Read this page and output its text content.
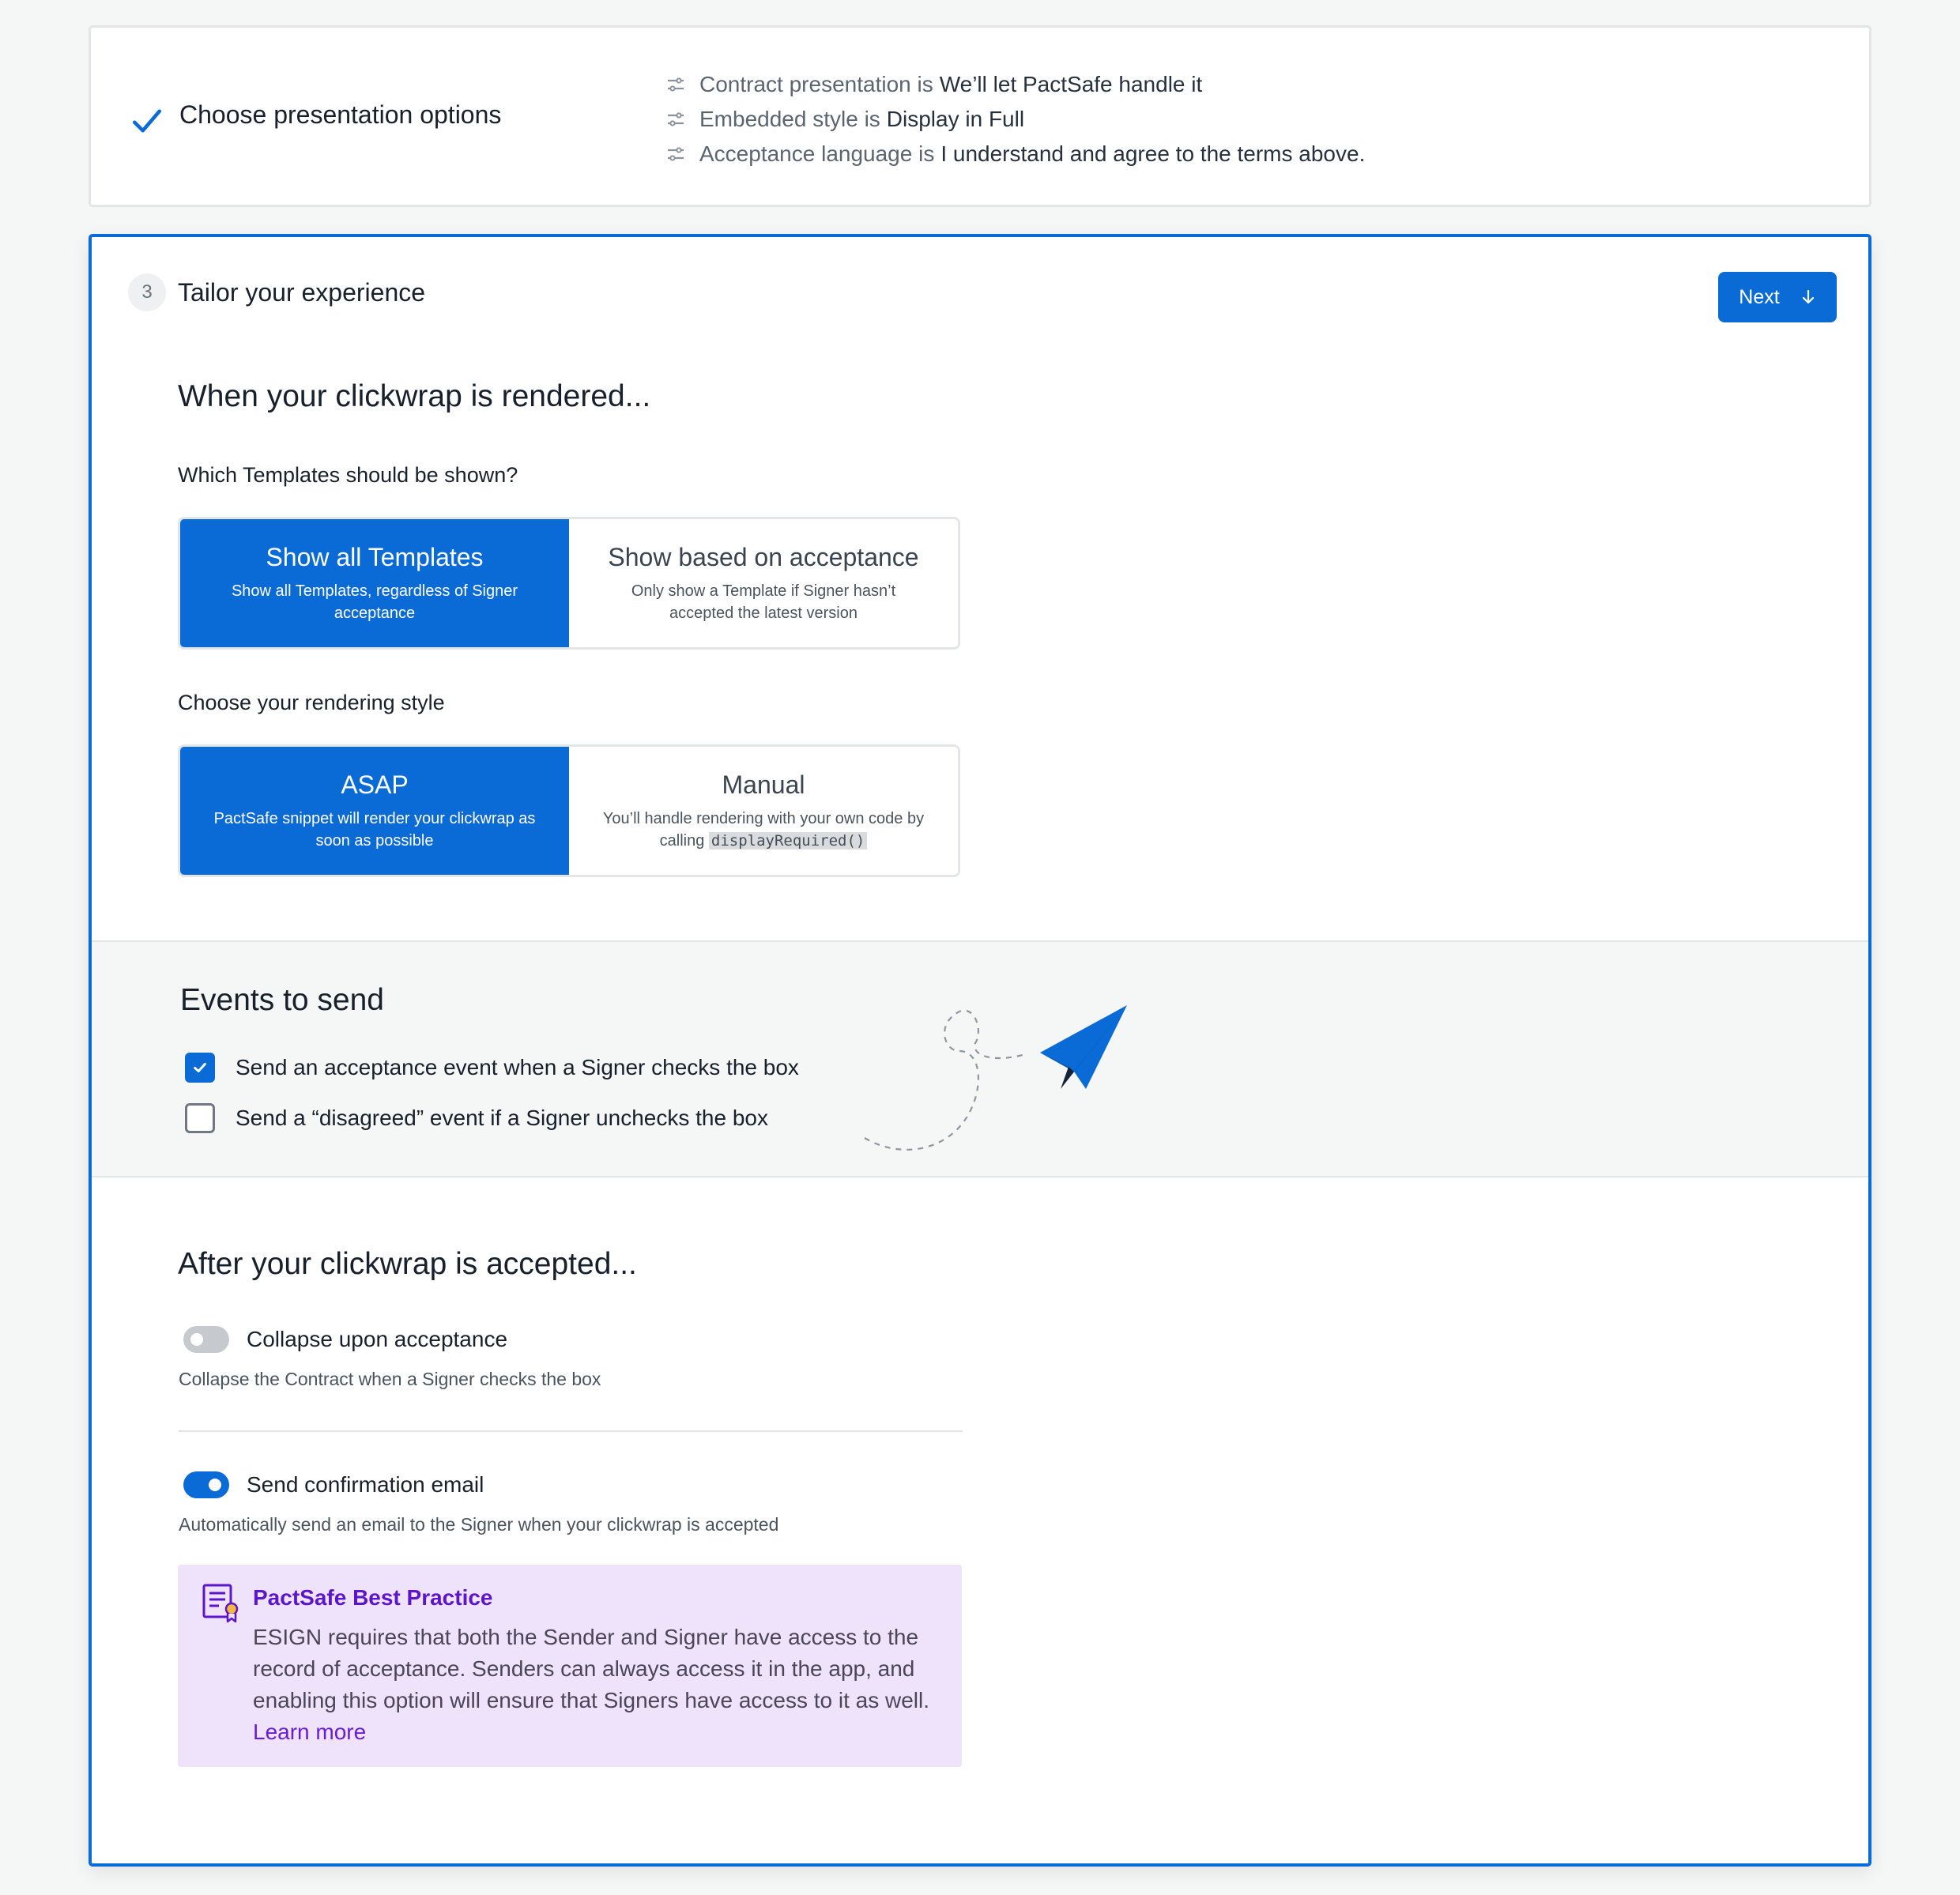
Choose presentation options
Contract presentation is We’ll let PactSafe handle it
Embedded style is Display in Full
Acceptance language is I understand and agree to the terms above.
3	Tailor your experience	Next
When your clickwrap is rendered...
Which Templates should be shown?
Show all Templates
Show all Templates, regardless of Signer acceptance
Show based on acceptance
Only show a Template if Signer hasn’t accepted the latest version
Choose your rendering style
ASAP
PactSafe snippet will render your clickwrap as soon as possible
Manual
You’ll handle rendering with your own code by calling displayRequired()
Events to send
Send an acceptance event when a Signer checks the box
Send a “disagreed” event if a Signer unchecks the box
After your clickwrap is accepted...
Collapse upon acceptance
Collapse the Contract when a Signer checks the box
Send confirmation email
Automatically send an email to the Signer when your clickwrap is accepted
PactSafe Best Practice
ESIGN requires that both the Sender and Signer have access to the record of acceptance. Senders can always access it in the app, and enabling this option will ensure that Signers have access to it as well.
Learn more
